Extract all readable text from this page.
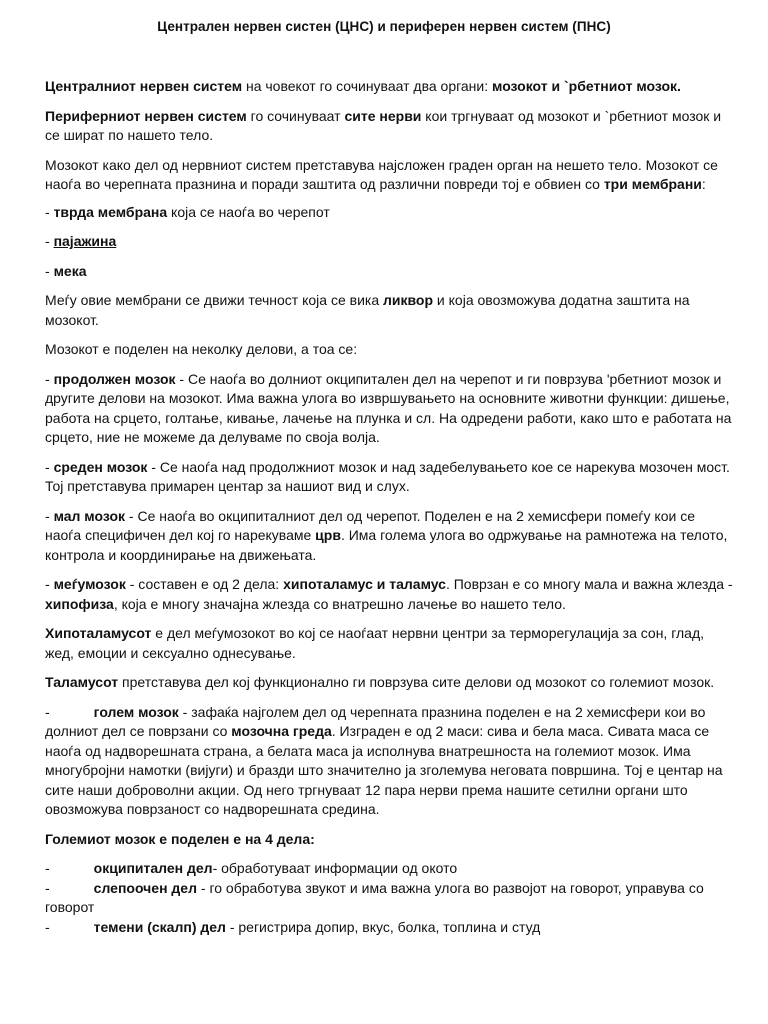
Централен нервен систен (ЦНС) и периферен нервен систем (ПНС)

Централниот нервен систем на човекот го сочинуваат два органи: мозокот и `рбетниот мозок.

Периферниот нервен систем го сочинуваат сите нерви кои тргнуваат од мозокот и `рбетниот мозок и се шират по нашето тело.

Мозокот како дел од нервниот систем претставува најсложен граден орган на нешето тело. Мозокот се наоѓа во черепната празнина и поради заштита од различни повреди тој е обвиен со три мембрани:

- тврда мембрана која се наоѓа во черепот

- пајажина

- мека

Меѓу овие мембрани се движи течност која се вика ликвор и која овозможува додатна заштита на мозокот.

Мозокот е поделен на неколку делови, а тоа се:

- продолжен мозок - Се наоѓа во долниот окципитален дел на черепот и ги поврзува 'рбетниот мозок и другите делови на мозокот. Има важна улога во извршувањето на основните животни функции: дишење, работа на срцето, голтање, кивање, лачење на плунка и сл. На одредени работи, како што е работата на срцето, ние не можеме да делуваме по своја волја.

- среден мозок - Се наоѓа над продолжниот мозок и над задебелувањето кое се нарекува мозочен мост. Тој претставува примарен центар за нашиот вид и слух.

- мал мозок - Се наоѓа во окципиталниот дел од черепот. Поделен е на 2 хемисфери помеѓу кои се наоѓа специфичен дел кој го нарекуваме црв. Има голема улога во одржување на рамнотежа на телото, контрола и координирање на движењата.

- меѓумозок - составен е од 2 дела: хипоталамус и таламус. Поврзан е со многу мала и важна жлезда - хипофиза, која е многу значајна жлезда со внатрешно лачење во нашето тело.

Хипоталамусот е дел меѓумозокот во кој се наоѓаат нервни центри за терморегулација за сон, глад, жед, емоции и сексуално однесување.

Таламусот претставува дел кој функционално ги поврзува сите делови од мозокот со големиот мозок.

-	голем мозок - зафаќа најголем дел од черепната празнина поделен е на 2 хемисфери кои во долниот дел се поврзани со мозочна греда. Изграден е од 2 маси: сива и бела маса. Сивата маса се наоѓа од надворешната страна, а белата маса ја исполнува внатрешноста на големиот мозок. Има многубројни намотки (вијуги) и бразди што значително ја зголемува неговата површина. Тој е центар на сите наши доброволни акции. Од него тргнуваат 12 пара нерви према нашите сетилни органи што овозможува поврзаност со надворешната средина.

Големиот мозок е поделен е на 4 дела:

-	окципитален дел- обработуваат информации од окото

-	слепоочен дел - го обработува звукот и има важна улога во развојот на говорот, управува со говорот

-	темени (скалп) дел - регистрира допир, вкус, болка, топлина и студ
